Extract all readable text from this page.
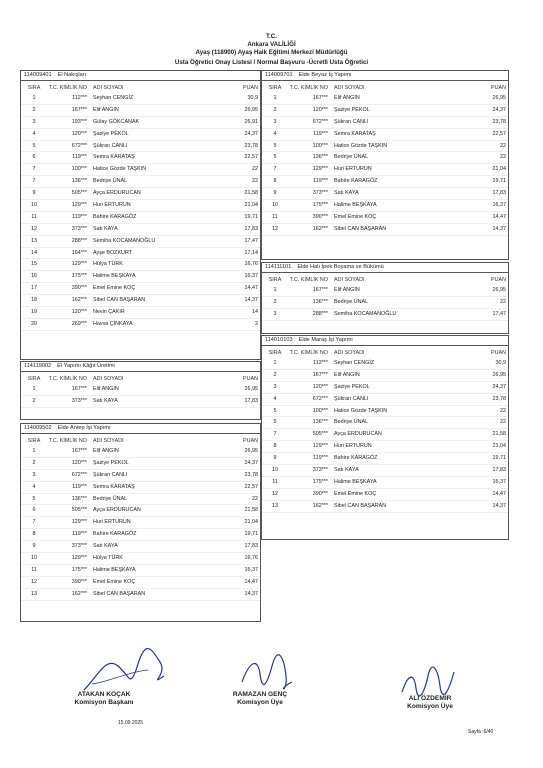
T.C.
Ankara VALİLİĞİ
Ayaş (118900) Ayaş Halk Eğitimi Merkezi Müdürlüğü
Usta Öğretici Onay Listesi / Normal Başvuru -Ücretli Usta Öğretici
114009401 El Nakışları
SIRA	T.C. KİMLİK NO ADI SOYADI	PUAN
1	112*** Seyhan CENGİZ	30,9
2	167*** Elif ANGIN	26,95
3	193*** Gülay GÖKCANAK	26,91
4	120*** Şaziye PEKOL	24,37
5	672*** Şükran CANLI	23,78
6	119*** Semra KARATAŞ	22,57
7	100*** Hatice Gözde TAŞKIN	22
7	136*** Bedriye ÜNAL	22
9	505*** Ayça ERDURUCAN	21,58
10	129*** Huri ERTURUN	21,04
11	119*** Bahire KARAGÖZ	19,71
12	373*** Satı KAYA	17,83
13	288*** Semiha KOCAMANOĞLU	17,47
14	164*** Ayşe BOZKURT	17,14
15	129*** Hülya TÜRK	16,76
16	175*** Halime BEŞKAYA	16,37
17	390*** Emel Emine KOÇ	14,47
18	162*** Sibel CAN BAŞARAN	14,37
19	120*** Nevin ÇAKIR	14
20	269*** Havva ÇİNKAYA	2
114119002 El Yapımı Kâğıt Üretimi
SIRA	T.C. KİMLİK NO ADI SOYADI	PUAN
1	167*** Elif ANGIN	26,95
2	373*** Satı KAYA	17,83
114009502 Elde Antep İşi Yapımı
SIRA	T.C. KİMLİK NO ADI SOYADI	PUAN
1	167*** Elif ANGIN	26,95
2	120*** Şaziye PEKOL	24,37
3	672*** Şükran CANLI	23,78
4	119*** Semra KARATAŞ	22,57
5	136*** Bedriye ÜNAL	22
6	505*** Ayça ERDURUCAN	21,58
7	129*** Huri ERTURUN	21,04
8	119*** Bahire KARAGÖZ	19,71
9	373*** Satı KAYA	17,83
10	129*** Hülya TÜRK	16,76
11	175*** Halime BEŞKAYA	16,37
12	390*** Emel Emine KOÇ	14,47
13	162*** Sibel CAN BAŞARAN	14,37
114009701 Elde Beyaz İş Yapımı
SIRA	T.C. KİMLİK NO ADI SOYADI	PUAN
1	167*** Elif ANGIN	26,95
2	120*** Şaziye PEKOL	24,37
3	672*** Şükran CANLI	23,78
4	119*** Semra KARATAŞ	22,57
5	100*** Hatice Gözde TAŞKIN	22
5	136*** Bedriye ÜNAL	22
7	129*** Huri ERTURUN	21,04
8	119*** Bahire KARAGÖZ	19,71
9	373*** Satı KAYA	17,83
10	175*** Halime BEŞKAYA	16,37
11	390*** Emel Emine KOÇ	14,47
12	162*** Sibel CAN BAŞARAN	14,37
114111101 Elde Halı İpek Boyama ve Bükümü
SIRA	T.C. KİMLİK NO ADI SOYADI	PUAN
1	167*** Elif ANGIN	26,95
2	136*** Bedriye ÜNAL	22
3	288*** Semiha KOCAMANOĞLU	17,47
114010103 Elde Maraş İşi Yapımı
SIRA	T.C. KİMLİK NO ADI SOYADI	PUAN
1	112*** Seyhan CENGİZ	30,9
2	167*** Elif ANGIN	26,95
3	120*** Şaziye PEKOL	24,37
4	672*** Şükran CANLI	23,78
5	100*** Hatice Gözde TAŞKIN	22
5	136*** Bedriye ÜNAL	22
7	505*** Ayça ERDURUCAN	21,58
8	129*** Huri ERTURUN	21,04
9	119*** Bahire KARAGÖZ	19,71
10	373*** Satı KAYA	17,83
11	175*** Halime BEŞKAYA	16,37
12	390*** Emel Emine KOÇ	14,47
13	162*** Sibel CAN BAŞARAN	14,37
ATAKAN KOÇAK
Komisyon Başkanı
RAMAZAN GENÇ
Komisyon Üye
ALİ ÖZDEMİR
Komisyon Üye
15.09.2025
Sayfa :6/40
